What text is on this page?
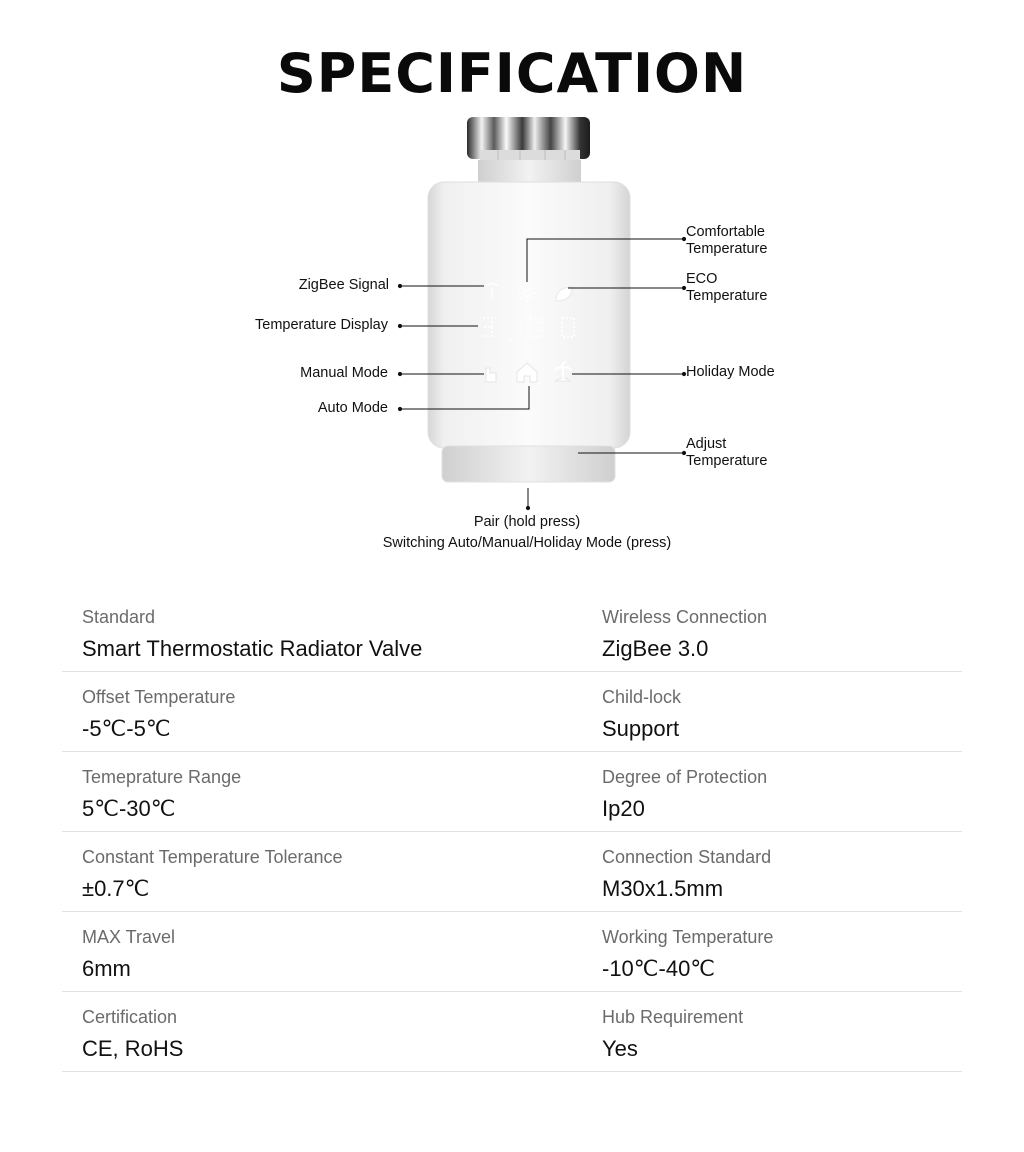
SPECIFICATION
Comfortable
Temperature
ECO
Temperature
ZigBee Signal
Temperature Display
Manual Mode
Auto Mode
Holiday Mode
Adjust
Temperature
Pair (hold press)
Switching Auto/Manual/Holiday Mode (press)
Standard
Smart Thermostatic Radiator Valve
Wireless Connection
ZigBee 3.0
Offset Temperature
-5℃-5℃
Child-lock
Support
Temeprature Range
5℃-30℃
Degree of Protection
Ip20
Constant Temperature Tolerance
±0.7℃
Connection Standard
M30x1.5mm
MAX Travel
6mm
Working Temperature
-10℃-40℃
Certification
CE, RoHS
Hub Requirement
Yes
